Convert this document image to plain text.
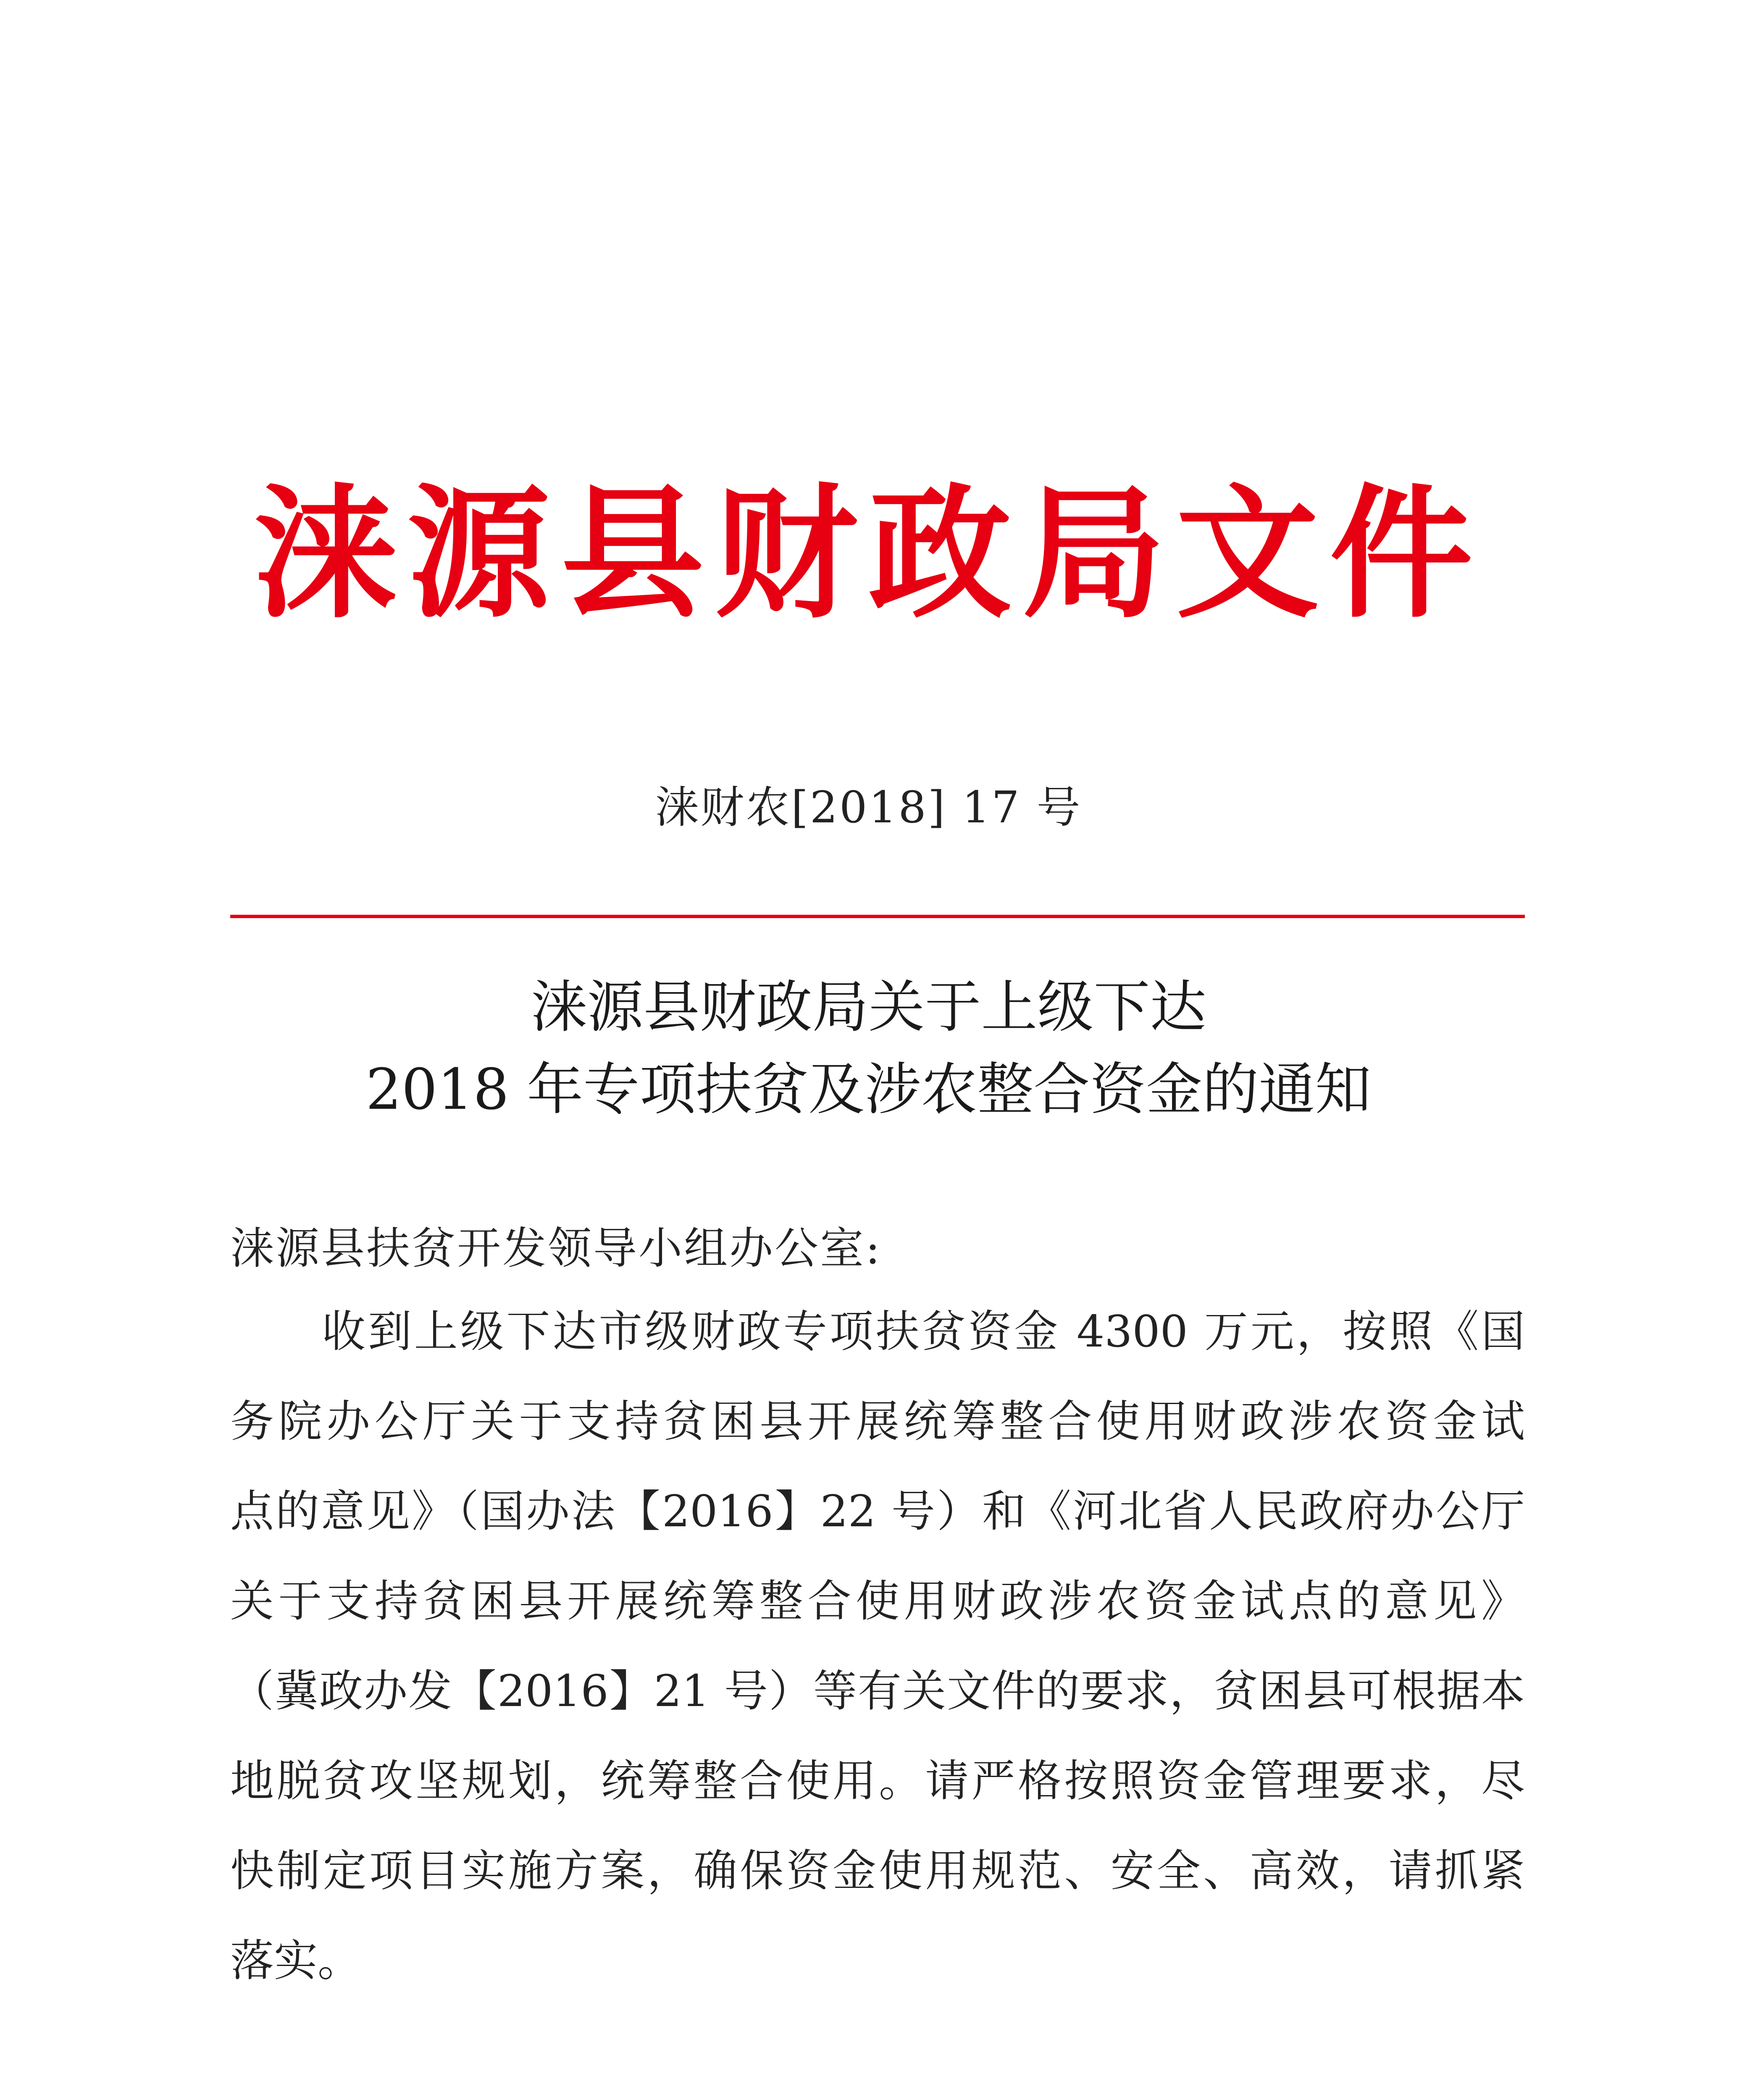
涞源县财政局文件
涞财农[2018] 17 号
涞源县财政局关于上级下达
2018 年专项扶贫及涉农整合资金的通知
涞源县扶贫开发领导小组办公室:
收到上级下达市级财政专项扶贫资金 4300 万元，按照《国
务院办公厅关于支持贫困县开展统筹整合使用财政涉农资金试
点的意见》（国办法【2016】22 号）和《河北省人民政府办公厅
关于支持贫困县开展统筹整合使用财政涉农资金试点的意见》
（冀政办发【2016】21 号）等有关文件的要求，贫困县可根据本
地脱贫攻坚规划，统筹整合使用。请严格按照资金管理要求，尽
快制定项目实施方案，确保资金使用规范、安全、高效，请抓紧
落实。
